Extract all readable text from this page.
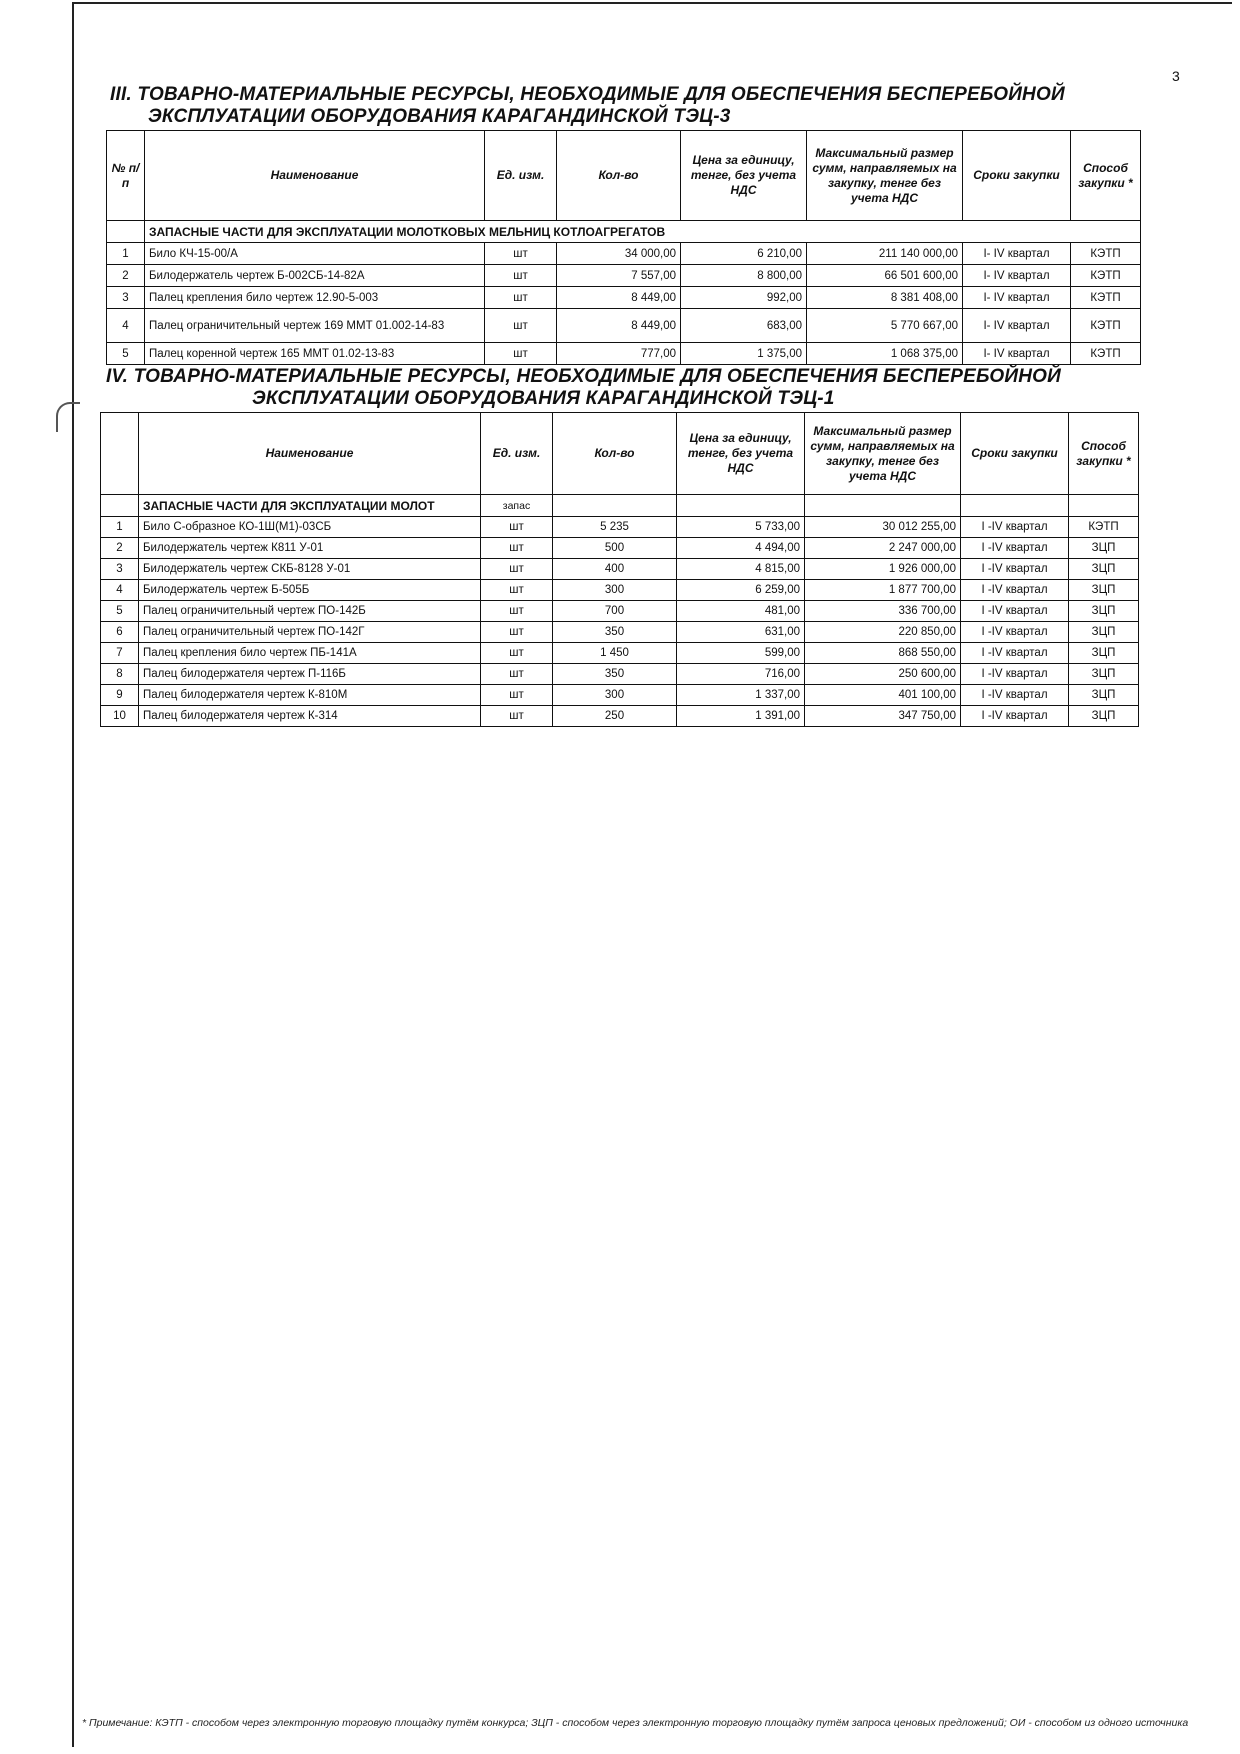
3
III. ТОВАРНО-МАТЕРИАЛЬНЫЕ РЕСУРСЫ, НЕОБХОДИМЫЕ ДЛЯ ОБЕСПЕЧЕНИЯ БЕСПЕРЕБОЙНОЙ
ЭКСПЛУАТАЦИИ ОБОРУДОВАНИЯ КАРАГАНДИНСКОЙ ТЭЦ-3
№ п/п	Наименование	Ед. изм.	Кол-во	Цена за единицу, тенге, без учета НДС	Максимальный размер сумм, направляемых на закупку, тенге без учета НДС	Сроки закупки	Способ закупки *
	ЗАПАСНЫЕ ЧАСТИ ДЛЯ ЭКСПЛУАТАЦИИ МОЛОТКОВЫХ МЕЛЬНИЦ КОТЛОАГРЕГАТОВ						
1	Било КЧ-15-00/А	шт	34 000,00	6 210,00	211 140 000,00	I- IV квартал	КЭТП
2	Билодержатель чертеж Б-002СБ-14-82А	шт	7 557,00	8 800,00	66 501 600,00	I- IV квартал	КЭТП
3	Палец крепления било чертеж 12.90-5-003	шт	8 449,00	992,00	8 381 408,00	I- IV квартал	КЭТП
4	Палец ограничительный чертеж 169 ММТ 01.002-14-83	шт	8 449,00	683,00	5 770 667,00	I- IV квартал	КЭТП
5	Палец коренной чертеж 165 ММТ 01.02-13-83	шт	777,00	1 375,00	1 068 375,00	I- IV квартал	КЭТП
IV. ТОВАРНО-МАТЕРИАЛЬНЫЕ РЕСУРСЫ, НЕОБХОДИМЫЕ ДЛЯ ОБЕСПЕЧЕНИЯ БЕСПЕРЕБОЙНОЙ
ЭКСПЛУАТАЦИИ ОБОРУДОВАНИЯ КАРАГАНДИНСКОЙ ТЭЦ-1
	Наименование	Ед. изм.	Кол-во	Цена за единицу, тенге, без учета НДС	Максимальный размер сумм, направляемых на закупку, тенге без учета НДС	Сроки закупки	Способ закупки *
	ЗАПАСНЫЕ ЧАСТИ ДЛЯ ЭКСПЛУАТАЦИИ МОЛОТ	запас					
1	Било С-образное КО-1Ш(М1)-03СБ	шт	5 235	5 733,00	30 012 255,00	I -IV квартал	КЭТП
2	Билодержатель чертеж К811 У-01	шт	500	4 494,00	2 247 000,00	I -IV квартал	ЗЦП
3	Билодержатель чертеж СКБ-8128 У-01	шт	400	4 815,00	1 926 000,00	I -IV квартал	ЗЦП
4	Билодержатель чертеж Б-505Б	шт	300	6 259,00	1 877 700,00	I -IV квартал	ЗЦП
5	Палец ограничительный чертеж ПО-142Б	шт	700	481,00	336 700,00	I -IV квартал	ЗЦП
6	Палец ограничительный чертеж ПО-142Г	шт	350	631,00	220 850,00	I -IV квартал	ЗЦП
7	Палец крепления било чертеж ПБ-141А	шт	1 450	599,00	868 550,00	I -IV квартал	ЗЦП
8	Палец билодержателя чертеж П-116Б	шт	350	716,00	250 600,00	I -IV квартал	ЗЦП
9	Палец билодержателя чертеж К-810М	шт	300	1 337,00	401 100,00	I -IV квартал	ЗЦП
10	Палец билодержателя чертеж К-314	шт	250	1 391,00	347 750,00	I -IV квартал	ЗЦП
* Примечание: КЭТП - способом через электронную торговую площадку путём конкурса; ЗЦП - способом через электронную торговую площадку путём запроса ценовых предложений; ОИ - способом из одного источника
